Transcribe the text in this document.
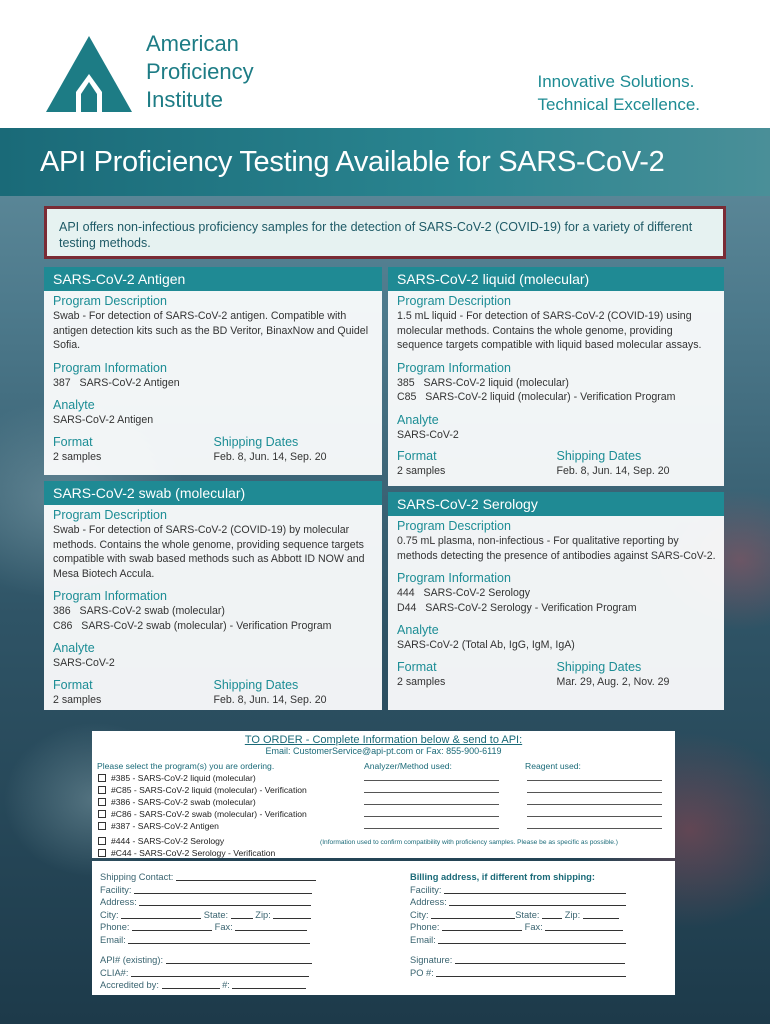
American
Proficiency
Institute
Innovative Solutions.
Technical Excellence.
API Proficiency Testing Available for SARS-CoV-2
API offers non-infectious proficiency samples for the detection of SARS-CoV-2 (COVID-19) for a variety of different testing methods.
SARS-CoV-2 Antigen
Program Description
Swab - For detection of SARS-CoV-2 antigen. Compatible with antigen detection kits such as the BD Veritor, BinaxNow and Quidel Sofia.
Program Information
387   SARS-CoV-2 Antigen
Analyte
SARS-CoV-2 Antigen
Format
2 samples
Shipping Dates
Feb. 8, Jun. 14, Sep. 20
SARS-CoV-2 liquid (molecular)
Program Description
1.5 mL liquid - For detection of SARS-CoV-2 (COVID-19) using molecular methods. Contains the whole genome, providing sequence targets compatible with liquid based molecular assays.
Program Information
385   SARS-CoV-2 liquid (molecular)
C85   SARS-CoV-2 liquid (molecular) - Verification Program
Analyte
SARS-CoV-2
Format
2 samples
Shipping Dates
Feb. 8, Jun. 14, Sep. 20
SARS-CoV-2 swab (molecular)
Program Description
Swab - For detection of SARS-CoV-2 (COVID-19) by molecular methods. Contains the whole genome, providing sequence targets compatible with swab based methods such as Abbott ID NOW and Mesa Biotech Accula.
Program Information
386   SARS-CoV-2 swab (molecular)
C86   SARS-CoV-2 swab (molecular) - Verification Program
Analyte
SARS-CoV-2
Format
2 samples
Shipping Dates
Feb. 8, Jun. 14, Sep. 20
SARS-CoV-2 Serology
Program Description
0.75 mL plasma, non-infectious - For qualitative reporting by methods detecting the presence of antibodies against SARS-CoV-2.
Program Information
444   SARS-CoV-2 Serology
D44   SARS-CoV-2 Serology - Verification Program
Analyte
SARS-CoV-2 (Total Ab, IgG, IgM, IgA)
Format
2 samples
Shipping Dates
Mar. 29, Aug. 2, Nov. 29
TO ORDER - Complete Information below & send to API:
Email: CustomerService@api-pt.com or Fax: 855-900-6119
Please select the program(s) you are ordering.	Analyzer/Method used:	Reagent used:
#385 - SARS-CoV-2 liquid (molecular)
#C85 - SARS-CoV-2 liquid (molecular) - Verification
#386 - SARS-CoV-2 swab (molecular)
#C86 - SARS-CoV-2 swab (molecular) - Verification
#387 - SARS-CoV-2 Antigen
#444 - SARS-CoV-2 Serology
#C44 - SARS-CoV-2 Serology - Verification
(Information used to confirm compatibility with proficiency samples. Please be as specific as possible.)
Shipping Contact:
Facility:
Address:
City:	State:	Zip:
Phone:	Fax:
Email:
API# (existing):
CLIA#:
Accredited by:	#:
Billing address, if different from shipping:
Facility:
Address:
City:	State:	Zip:
Phone:	Fax:
Email:
Signature:
PO #:
